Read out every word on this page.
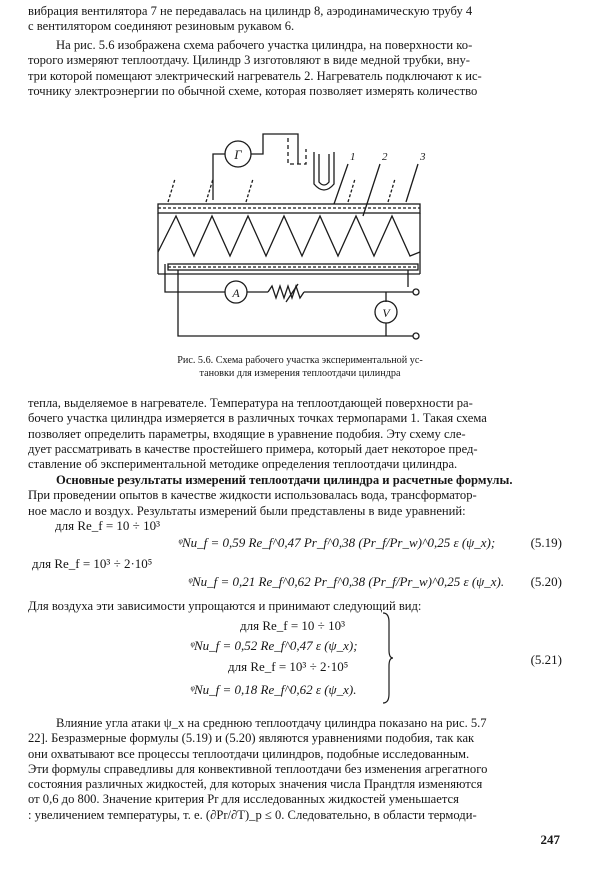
вибрация вентилятора 7 не передавалась на цилиндр 8, аэродинамическую трубу 4
с вентилятором соединяют резиновым рукавом 6.
На рис. 5.6 изображена схема рабочего участка цилиндра, на поверхности ко-
торого измеряют теплоотдачу. Цилиндр 3 изготовляют в виде медной трубки, вну-
три которой помещают электрический нагреватель 2. Нагреватель подключают к ис-
точнику электроэнергии по обычной схеме, которая позволяет измерять количество
Г	1 2	3
A
V
Рис. 5.6. Схема рабочего участка экспериментальной ус-
тановки для измерения теплоотдачи цилиндра
тепла, выделяемое в нагревателе. Температура на теплоотдающей поверхности ра-
бочего участка цилиндра измеряется в различных точках термопарами 1. Такая схема
позволяет определить параметры, входящие в уравнение подобия. Эту схему сле-
дует рассматривать в качестве простейшего примера, который дает некоторое пред-
ставление об экспериментальной методике определения теплоотдачи цилиндра.
Основные результаты измерений теплоотдачи цилиндра и расчетные формулы.
При проведении опытов в качестве жидкости использовалась вода, трансформатор-
ное масло и воздух. Результаты измерений были представлены в виде уравнений:
для Re_f = 10 ÷ 10³
ᵠNu_f = 0,59 Re_f^0,47 Pr_f^0,38 (Pr_f/Pr_w)^0,25 ε (ψ_x);	(5.19)
для Re_f = 10³ ÷ 2·10⁵
ᵠNu_f = 0,21 Re_f^0,62 Pr_f^0,38 (Pr_f/Pr_w)^0,25 ε (ψ_x). (5.20)
Для воздуха эти зависимости упрощаются и принимают следующий вид:
для Re_f = 10 ÷ 10³
ᵠNu_f = 0,52 Re_f^0,47 ε (ψ_x);
для Re_f = 10³ ÷ 2·10⁵
ᵠNu_f = 0,18 Re_f^0,62 ε (ψ_x).
(5.21)
Влияние угла атаки ψ_x на среднюю теплоотдачу цилиндра показано на рис. 5.7
22]. Безразмерные формулы (5.19) и (5.20) являются уравнениями подобия, так как
они охватывают все процессы теплоотдачи цилиндров, подобные исследованным.
Эти формулы справедливы для конвективной теплоотдачи без изменения агрегатного
состояния различных жидкостей, для которых значения числа Прандтля изменяются
от 0,6 до 800. Значение критерия Pr для исследованных жидкостей уменьшается
: увеличением температуры, т. е. (∂Pr/∂T)_p ≤ 0. Следовательно, в области термоди-
247
